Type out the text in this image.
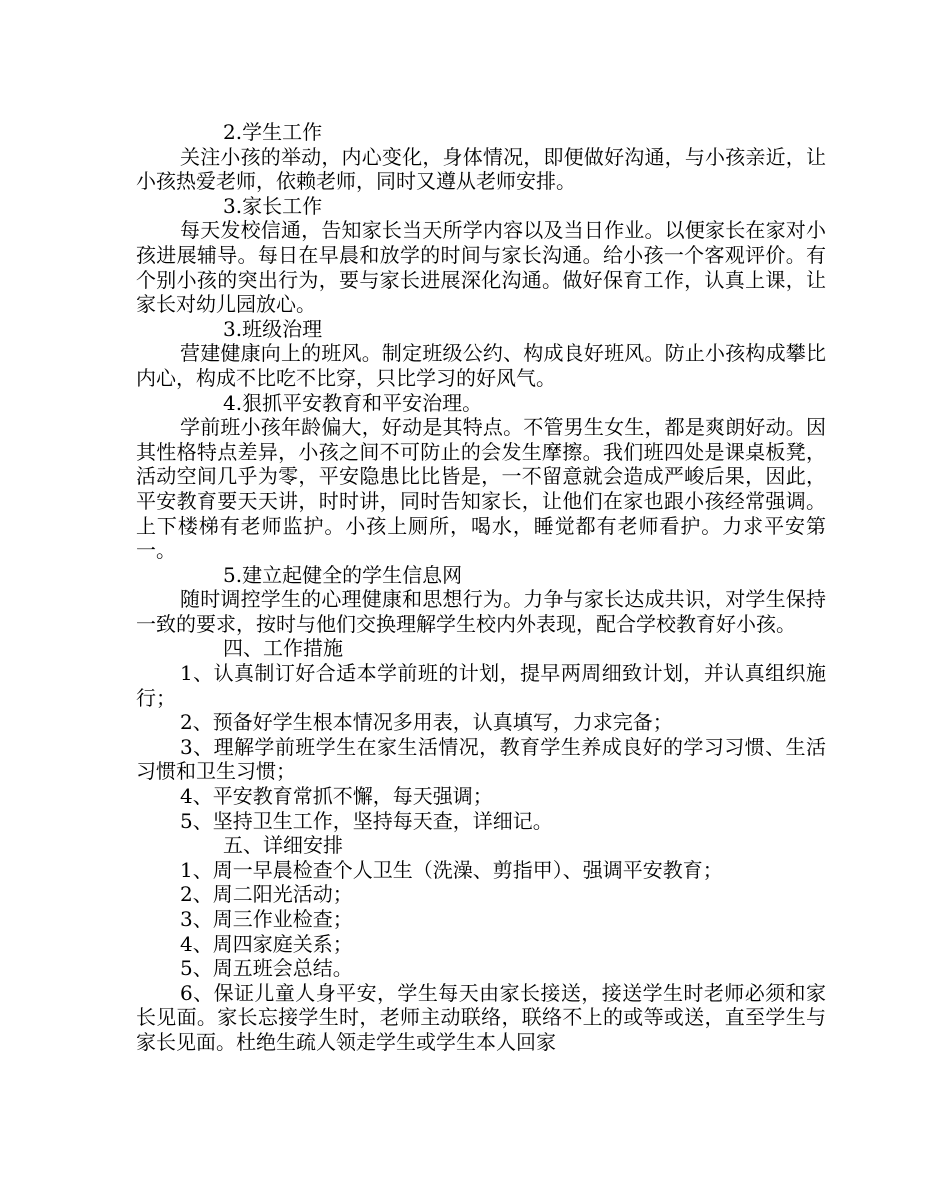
2.学生工作

关注小孩的举动，内心变化，身体情况，即便做好沟通，与小孩亲近，让小孩热爱老师，依赖老师，同时又遵从老师安排。

3.家长工作

每天发校信通，告知家长当天所学内容以及当日作业。以便家长在家对小孩进展辅导。每日在早晨和放学的时间与家长沟通。给小孩一个客观评价。有个别小孩的突出行为，要与家长进展深化沟通。做好保育工作，认真上课，让家长对幼儿园放心。

3.班级治理

营建健康向上的班风。制定班级公约、构成良好班风。防止小孩构成攀比内心，构成不比吃不比穿，只比学习的好风气。

4.狠抓平安教育和平安治理。

学前班小孩年龄偏大，好动是其特点。不管男生女生，都是爽朗好动。因其性格特点差异，小孩之间不可防止的会发生摩擦。我们班四处是课桌板凳，活动空间几乎为零，平安隐患比比皆是，一不留意就会造成严峻后果，因此，平安教育要天天讲，时时讲，同时告知家长，让他们在家也跟小孩经常强调。上下楼梯有老师监护。小孩上厕所，喝水，睡觉都有老师看护。力求平安第一。

5.建立起健全的学生信息网

随时调控学生的心理健康和思想行为。力争与家长达成共识，对学生保持一致的要求，按时与他们交换理解学生校内外表现，配合学校教育好小孩。

四、工作措施

1、认真制订好合适本学前班的计划，提早两周细致计划，并认真组织施行；

2、预备好学生根本情况多用表，认真填写，力求完备；

3、理解学前班学生在家生活情况，教育学生养成良好的学习习惯、生活习惯和卫生习惯；

4、平安教育常抓不懈，每天强调；

5、坚持卫生工作，坚持每天查，详细记。

五、详细安排

1、周一早晨检查个人卫生（洗澡、剪指甲）、强调平安教育；

2、周二阳光活动；

3、周三作业检查；

4、周四家庭关系；

5、周五班会总结。

6、保证儿童人身平安，学生每天由家长接送，接送学生时老师必须和家长见面。家长忘接学生时，老师主动联络，联络不上的或等或送，直至学生与家长见面。杜绝生疏人领走学生或学生本人回家
